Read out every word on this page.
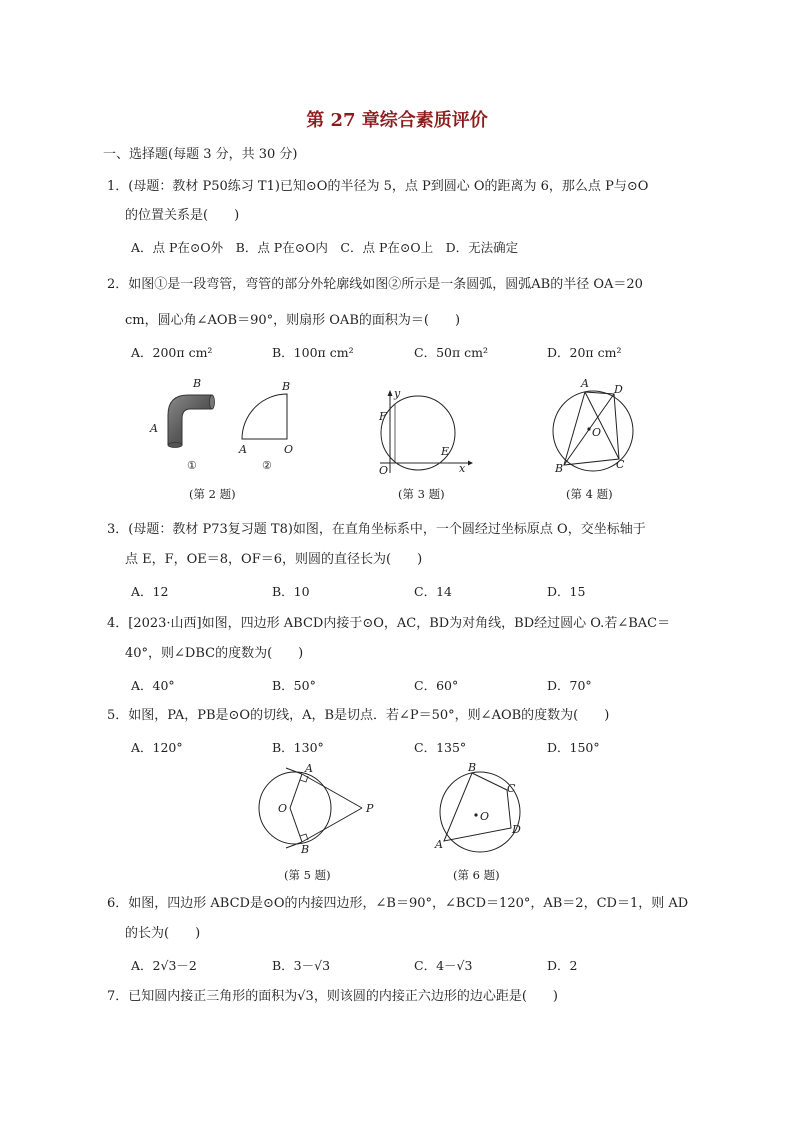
第 27 章综合素质评价
一、选择题(每题 3 分，共 30 分)
1．(母题：教材 P50练习 T1)已知⊙O的半径为 5，点 P到圆心 O的距离为 6，那么点 P与⊙O
的位置关系是(　　)
A．点 P在⊙O外　B．点 P在⊙O内　C．点 P在⊙O上　D．无法确定
2．如图①是一段弯管，弯管的部分外轮廓线如图②所示是一条圆弧，圆弧AB的半径 OA＝20
cm，圆心角∠AOB＝90°，则扇形 OAB的面积为＝(　　)
A．200π cm²	B．100π cm²	C．50π cm²	D．20π cm²
A
B
①
A
B
O
②
(第 2 题)
y
x
F
E
O
(第 3 题)
A D
O
C
B
(第 4 题)
3．(母题：教材 P73复习题 T8)如图，在直角坐标系中，一个圆经过坐标原点 O，交坐标轴于
点 E，F，OE＝8，OF＝6，则圆的直径长为(　　)
A．12	B．10	C．14	D．15
4．[2023·山西]如图，四边形 ABCD内接于⊙O，AC，BD为对角线，BD经过圆心 O.若∠BAC＝
40°，则∠DBC的度数为(　　)
A．40°	B．50°	C．60°	D．70°
5．如图，PA，PB是⊙O的切线，A，B是切点．若∠P＝50°，则∠AOB的度数为(　　)
A．120°	B．130°	C．135°	D．150°
A
O	P
B
(第 5 题)
B
C
O
D
A
(第 6 题)
6．如图，四边形 ABCD是⊙O的内接四边形，∠B＝90°，∠BCD＝120°，AB＝2，CD＝1，则 AD
的长为(　　)
A．2√3－2	B．3－√3	C．4－√3	D．2
7．已知圆内接正三角形的面积为√3，则该圆的内接正六边形的边心距是(　　)
